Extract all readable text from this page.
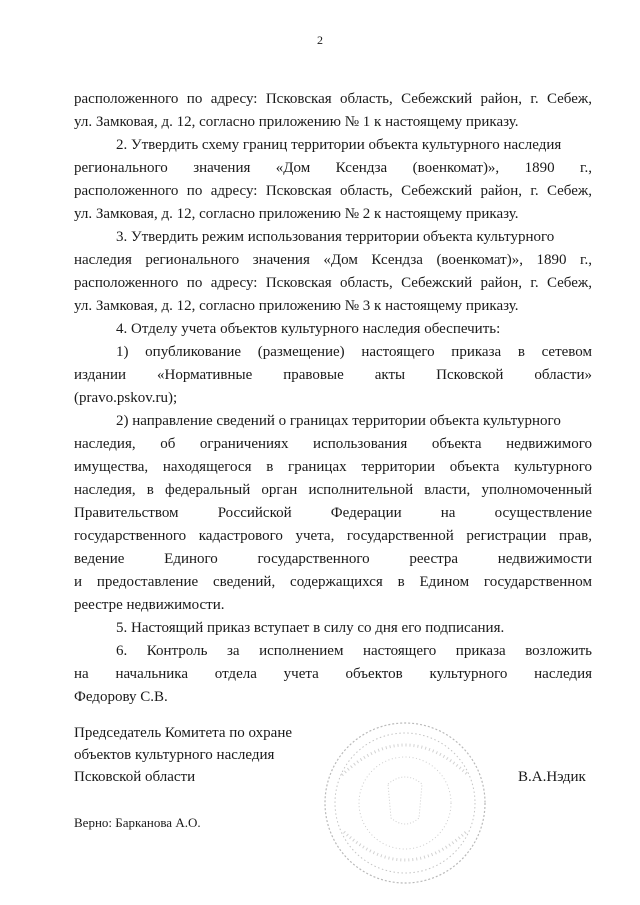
2
расположенного по адресу: Псковская область, Себежский район, г. Себеж,
ул. Замковая, д. 12, согласно приложению № 1 к настоящему приказу.
2. Утвердить схему границ территории объекта культурного наследия
регионального значения «Дом Ксендза (военкомат)», 1890 г.,
расположенного по адресу: Псковская область, Себежский район, г. Себеж,
ул. Замковая, д. 12, согласно приложению № 2 к настоящему приказу.
3. Утвердить режим использования территории объекта культурного
наследия регионального значения «Дом Ксендза (военкомат)», 1890 г.,
расположенного по адресу: Псковская область, Себежский район, г. Себеж,
ул. Замковая, д. 12, согласно приложению № 3 к настоящему приказу.
4. Отделу учета объектов культурного наследия обеспечить:
1) опубликование (размещение) настоящего приказа в сетевом
издании «Нормативные правовые акты Псковской области»
(pravo.pskov.ru);
2) направление сведений о границах территории объекта культурного
наследия, об ограничениях использования объекта недвижимого
имущества, находящегося в границах территории объекта культурного
наследия, в федеральный орган исполнительной власти, уполномоченный
Правительством Российской Федерации на осуществление
государственного кадастрового учета, государственной регистрации прав,
ведение Единого государственного реестра недвижимости
и предоставление сведений, содержащихся в Едином государственном
реестре недвижимости.
5. Настоящий приказ вступает в силу со дня его подписания.
6. Контроль за исполнением настоящего приказа возложить
на начальника отдела учета объектов культурного наследия
Федорову С.В.
Председатель Комитета по охране
объектов культурного наследия
Псковской области	В.А.Нэдик
Верно: Барканова А.О.
